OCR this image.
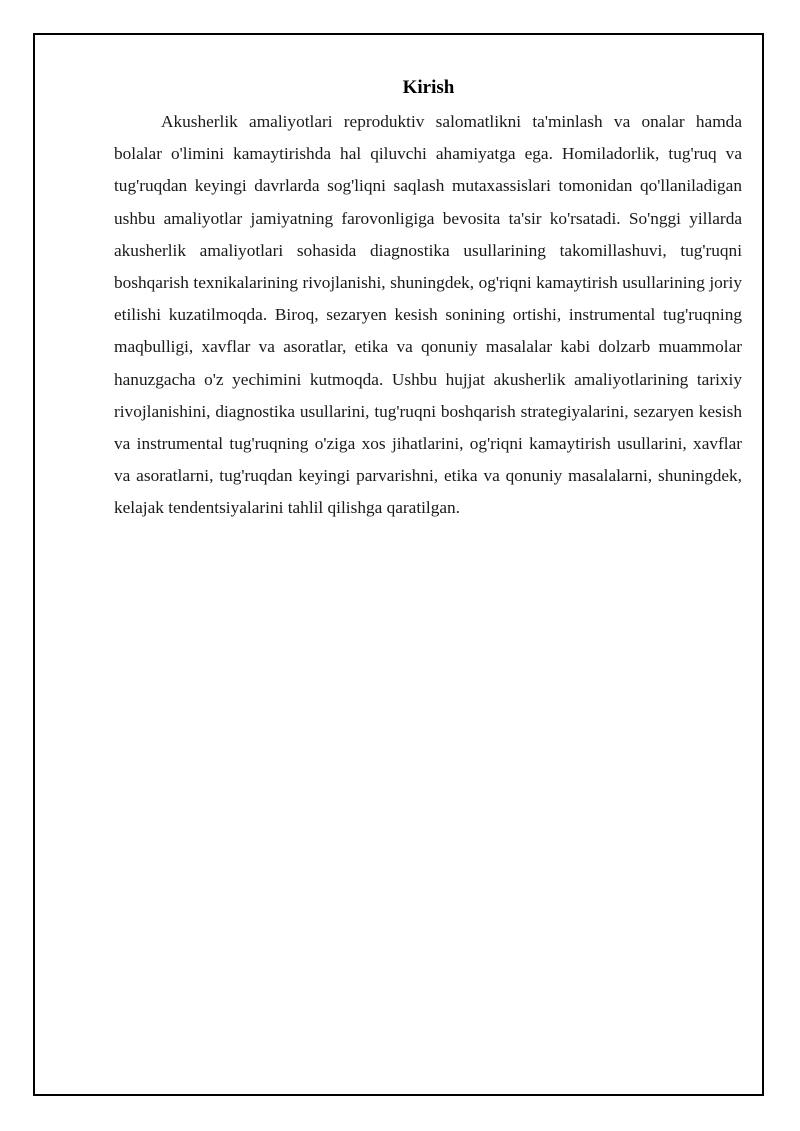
Kirish

Akusherlik amaliyotlari reproduktiv salomatlikni ta'minlash va onalar hamda bolalar o'limini kamaytirishda hal qiluvchi ahamiyatga ega. Homiladorlik, tug'ruq va tug'ruqdan keyingi davrlarda sog'liqni saqlash mutaxassislari tomonidan qo'llaniladigan ushbu amaliyotlar jamiyatning farovonligiga bevosita ta'sir ko'rsatadi. So'nggi yillarda akusherlik amaliyotlari sohasida diagnostika usullarining takomillashuvi, tug'ruqni boshqarish texnikalarining rivojlanishi, shuningdek, og'riqni kamaytirish usullarining joriy etilishi kuzatilmoqda. Biroq, sezaryen kesish sonining ortishi, instrumental tug'ruqning maqbulligi, xavflar va asoratlar, etika va qonuniy masalalar kabi dolzarb muammolar hanuzgacha o'z yechimini kutmoqda. Ushbu hujjat akusherlik amaliyotlarining tarixiy rivojlanishini, diagnostika usullarini, tug'ruqni boshqarish strategiyalarini, sezaryen kesish va instrumental tug'ruqning o'ziga xos jihatlarini, og'riqni kamaytirish usullarini, xavflar va asoratlarni, tug'ruqdan keyingi parvarishni, etika va qonuniy masalalarni, shuningdek, kelajak tendentsiyalarini tahlil qilishga qaratilgan.
